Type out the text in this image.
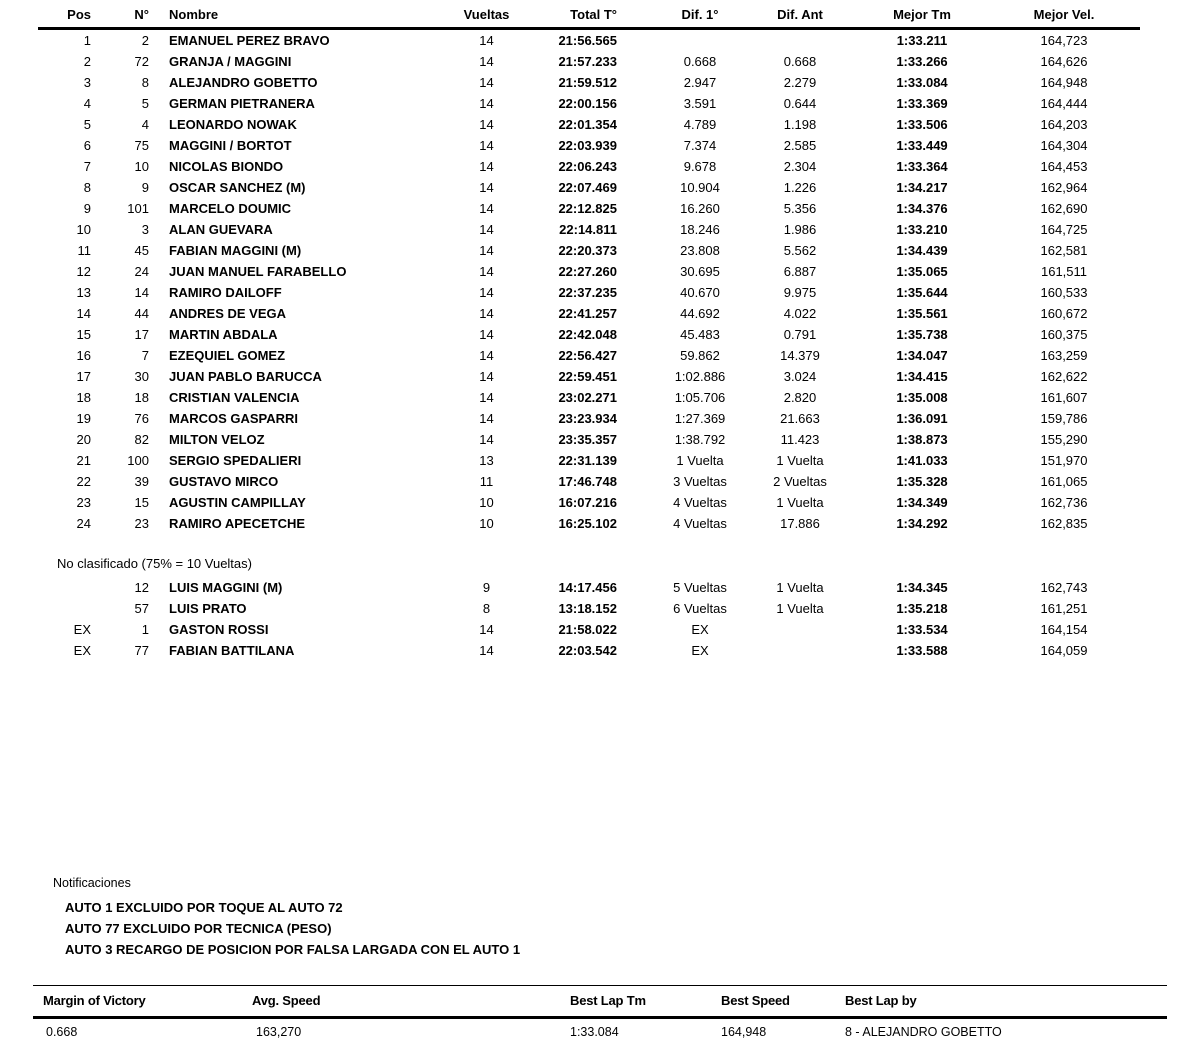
Pos	N°	Nombre	Vueltas	Total T°	Dif. 1°	Dif. Ant	Mejor Tm	Mejor Vel.	
1	2	EMANUEL PEREZ BRAVO	14	21:56.565			1:33.211	164,723	
2	72	GRANJA / MAGGINI	14	21:57.233	0.668	0.668	1:33.266	164,626	
3	8	ALEJANDRO GOBETTO	14	21:59.512	2.947	2.279	1:33.084	164,948	
4	5	GERMAN PIETRANERA	14	22:00.156	3.591	0.644	1:33.369	164,444	
5	4	LEONARDO NOWAK	14	22:01.354	4.789	1.198	1:33.506	164,203	
6	75	MAGGINI / BORTOT	14	22:03.939	7.374	2.585	1:33.449	164,304	
7	10	NICOLAS BIONDO	14	22:06.243	9.678	2.304	1:33.364	164,453	
8	9	OSCAR SANCHEZ (M)	14	22:07.469	10.904	1.226	1:34.217	162,964	
9	101	MARCELO DOUMIC	14	22:12.825	16.260	5.356	1:34.376	162,690	
10	3	ALAN GUEVARA	14	22:14.811	18.246	1.986	1:33.210	164,725	
11	45	FABIAN MAGGINI (M)	14	22:20.373	23.808	5.562	1:34.439	162,581	
12	24	JUAN MANUEL FARABELLO	14	22:27.260	30.695	6.887	1:35.065	161,511	
13	14	RAMIRO DAILOFF	14	22:37.235	40.670	9.975	1:35.644	160,533	
14	44	ANDRES DE VEGA	14	22:41.257	44.692	4.022	1:35.561	160,672	
15	17	MARTIN ABDALA	14	22:42.048	45.483	0.791	1:35.738	160,375	
16	7	EZEQUIEL GOMEZ	14	22:56.427	59.862	14.379	1:34.047	163,259	
17	30	JUAN PABLO BARUCCA	14	22:59.451	1:02.886	3.024	1:34.415	162,622	
18	18	CRISTIAN VALENCIA	14	23:02.271	1:05.706	2.820	1:35.008	161,607	
19	76	MARCOS GASPARRI	14	23:23.934	1:27.369	21.663	1:36.091	159,786	
20	82	MILTON VELOZ	14	23:35.357	1:38.792	11.423	1:38.873	155,290	
21	100	SERGIO SPEDALIERI	13	22:31.139	1 Vuelta	1 Vuelta	1:41.033	151,970	
22	39	GUSTAVO MIRCO	11	17:46.748	3 Vueltas	2 Vueltas	1:35.328	161,065	
23	15	AGUSTIN CAMPILLAY	10	16:07.216	4 Vueltas	1 Vuelta	1:34.349	162,736	
24	23	RAMIRO APECETCHE	10	16:25.102	4 Vueltas	17.886	1:34.292	162,835	
No clasificado (75% = 10 Vueltas)
	12	LUIS MAGGINI (M)	9	14:17.456	5 Vueltas	1 Vuelta	1:34.345	162,743	
	57	LUIS PRATO	8	13:18.152	6 Vueltas	1 Vuelta	1:35.218	161,251	
EX	1	GASTON ROSSI	14	21:58.022	EX		1:33.534	164,154	
EX	77	FABIAN BATTILANA	14	22:03.542	EX		1:33.588	164,059	
Notificaciones
AUTO 1 EXCLUIDO POR TOQUE AL AUTO 72
AUTO 77 EXCLUIDO POR TECNICA (PESO)
AUTO 3 RECARGO DE POSICION POR FALSA LARGADA CON EL AUTO 1
Margin of Victory	Avg. Speed	Best Lap Tm	Best Speed	Best Lap by
0.668	163,270	1:33.084	164,948	8 - ALEJANDRO GOBETTO
